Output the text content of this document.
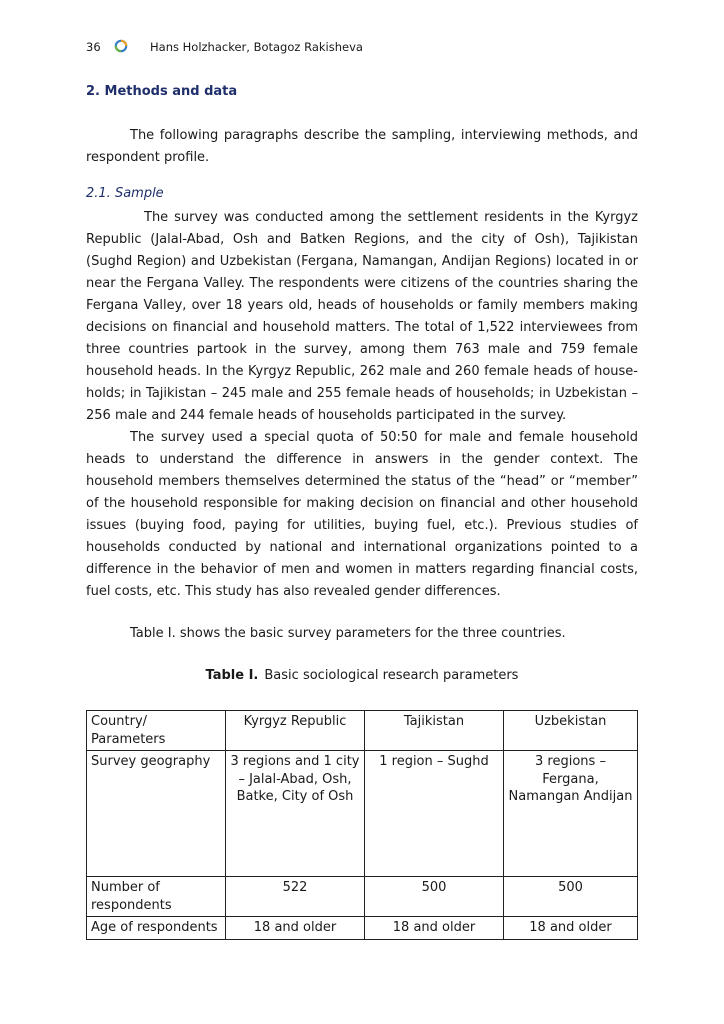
36	Hans Holzhacker, Botagoz Rakisheva
2. Methods and data

The following paragraphs describe the sampling, interviewing methods, and respondent profile.

2.1. Sample

The survey was conducted among the settlement residents in the Kyrgyz Republic (Jalal-Abad, Osh and Batken Regions, and the city of Osh), Tajikistan (Sughd Region) and Uzbekistan (Fergana, Namangan, Andijan Regions) located in or near the Fergana Valley. The respondents were citizens of the countries sharing the Fergana Valley, over 18 years old, heads of households or family members making decisions on financial and household matters. The total of 1,522 interviewees from three countries partook in the survey, among them 763 male and 759 female household heads. In the Kyrgyz Republic, 262 male and 260 female heads of house-holds; in Tajikistan – 245 male and 255 female heads of households; in Uzbekistan – 256 male and 244 female heads of households participated in the survey.

The survey used a special quota of 50:50 for male and female household heads to understand the difference in answers in the gender context. The household members themselves determined the status of the “head” or “member” of the household responsible for making decision on financial and other household issues (buying food, paying for utilities, buying fuel, etc.). Previous studies of households conducted by national and international organizations pointed to a difference in the behavior of men and women in matters regarding financial costs, fuel costs, etc. This study has also revealed gender differences.

Table I. shows the basic survey parameters for the three countries.

Table I. Basic sociological research parameters
Country/ Parameters	Kyrgyz Republic	Tajikistan	Uzbekistan
Survey geography	3 regions and 1 city – Jalal-Abad, Osh, Batke, City of Osh	1 region – Sughd	3 regions – Fergana, Namangan Andijan
Number of respondents	522	500	500
Age of respondents	18 and older	18 and older	18 and older
